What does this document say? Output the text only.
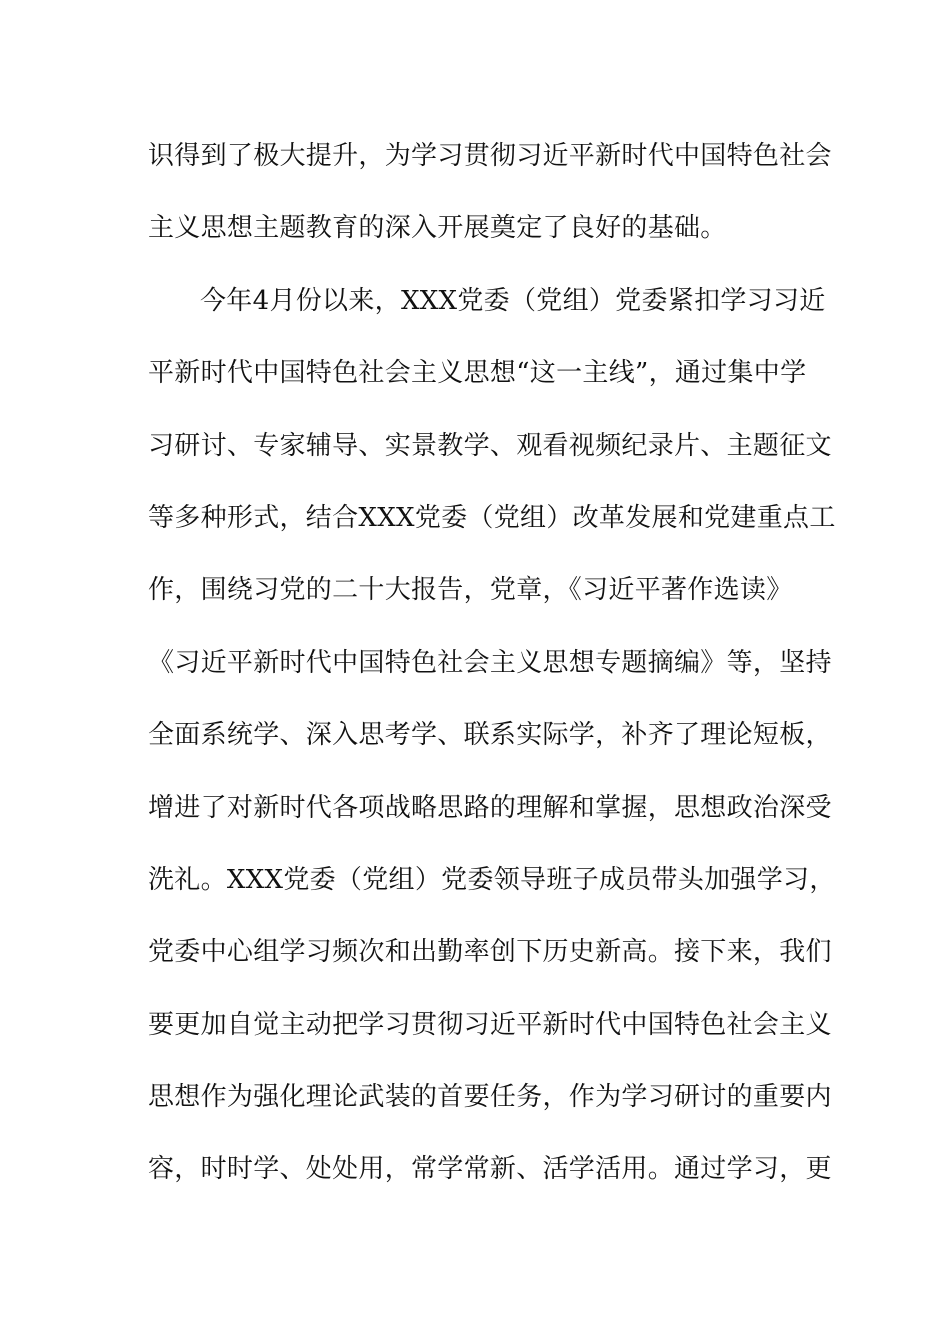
识得到了极大提升，为学习贯彻习近平新时代中国特色社会
主义思想主题教育的深入开展奠定了良好的基础。
今年4月份以来，XXX党委（党组）党委紧扣学习习近
平新时代中国特色社会主义思想“这一主线”，通过集中学
习研讨、专家辅导、实景教学、观看视频纪录片、主题征文
等多种形式，结合XXX党委（党组）改革发展和党建重点工
作，围绕习党的二十大报告，党章，《习近平著作选读》
《习近平新时代中国特色社会主义思想专题摘编》等，坚持
全面系统学、深入思考学、联系实际学，补齐了理论短板，
增进了对新时代各项战略思路的理解和掌握，思想政治深受
洗礼。XXX党委（党组）党委领导班子成员带头加强学习，
党委中心组学习频次和出勤率创下历史新高。接下来，我们
要更加自觉主动把学习贯彻习近平新时代中国特色社会主义
思想作为强化理论武装的首要任务，作为学习研讨的重要内
容，时时学、处处用，常学常新、活学活用。通过学习，更
